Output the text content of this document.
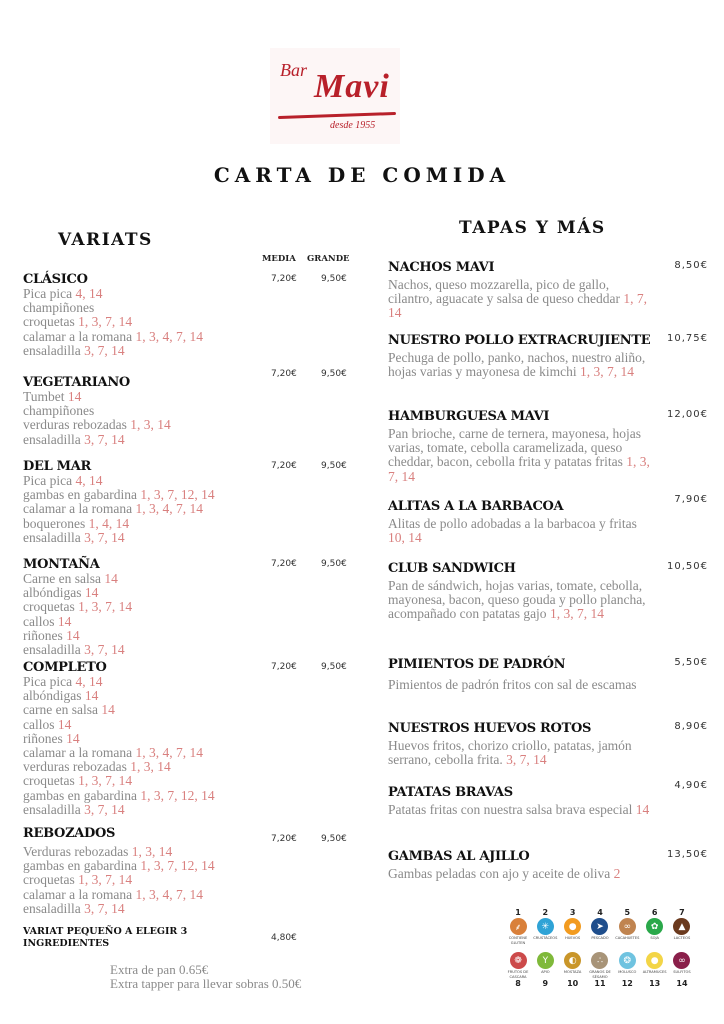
Bar Mavi
desde 1955
CARTA DE COMIDA
VARIATS
MEDIA GRANDE
CLÁSICO	7,20€	9,50€
Pica pica 4, 14
champiñones
croquetas 1, 3, 7, 14
calamar a la romana 1, 3, 4, 7, 14
ensaladilla 3, 7, 14
VEGETARIANO
7,20€	9,50€
Tumbet 14
champiñones
verduras rebozadas 1, 3, 14
ensaladilla 3, 7, 14
DEL MAR	7,20€	9,50€
Pica pica 4, 14
gambas en gabardina 1, 3, 7, 12, 14
calamar a la romana 1, 3, 4, 7, 14
boquerones 1, 4, 14
ensaladilla 3, 7, 14
MONTAÑA	7,20€	9,50€
Carne en salsa 14
albóndigas 14
croquetas 1, 3, 7, 14
callos 14
riñones 14
ensaladilla 3, 7, 14
COMPLETO	7,20€	9,50€
Pica pica 4, 14
albóndigas 14
carne en salsa 14
callos 14
riñones 14
calamar a la romana 1, 3, 4, 7, 14
verduras rebozadas 1, 3, 14
croquetas 1, 3, 7, 14
gambas en gabardina 1, 3, 7, 12, 14
ensaladilla 3, 7, 14
REBOZADOS	7,20€	9,50€
Verduras rebozadas 1, 3, 14
gambas en gabardina 1, 3, 7, 12, 14
croquetas 1, 3, 7, 14
calamar a la romana 1, 3, 4, 7, 14
ensaladilla 3, 7, 14
VARIAT PEQUEÑO A ELEGIR 3 INGREDIENTES	4,80€
Extra de pan 0.65€
Extra tapper para llevar sobras 0.50€
TAPAS Y MÁS
NACHOS MAVI	8,50€
Nachos, queso mozzarella, pico de gallo, cilantro, aguacate y salsa de queso cheddar 1, 7, 14
NUESTRO POLLO EXTRACRUJIENTE	10,75€
Pechuga de pollo, panko, nachos, nuestro aliño, hojas varias y mayonesa de kimchi 1, 3, 7, 14
HAMBURGUESA MAVI	12,00€
Pan brioche, carne de ternera, mayonesa, hojas varias, tomate, cebolla caramelizada, queso cheddar, bacon, cebolla frita y patatas fritas 1, 3, 7, 14
ALITAS A LA BARBACOA	7,90€
Alitas de pollo adobadas a la barbacoa y fritas 10, 14
CLUB SANDWICH	10,50€
Pan de sándwich, hojas varias, tomate, cebolla, mayonesa, bacon, queso gouda y pollo plancha, acompañado con patatas gajo 1, 3, 7, 14
PIMIENTOS DE PADRÓN	5,50€
Pimientos de padrón fritos con sal de escamas
NUESTROS HUEVOS ROTOS	8,90€
Huevos fritos, chorizo criollo, patatas, jamón serrano, cebolla frita. 3, 7, 14
PATATAS BRAVAS	4,90€
Patatas fritas con nuestra salsa brava especial 14
GAMBAS AL AJILLO	13,50€
Gambas peladas con ajo y aceite de oliva 2
1
⸙
CONTIENE GLUTEN
2
✳
CRUSTÁCEOS
3
●
HUEVOS
4
➤
PESCADO
5
∞
CACAHUETES
6
✿
SOJA
7
▲
LACTEOS
❁
FRUTOS DE CASCARA
8
Y
APIO
9
◐
MOSTAZA
10
∴
GRANOS DE SÉSAMO
11
❂
MOLUSCO
12
●
ALTRAMUCES
13
∞
SULFITOS
14
